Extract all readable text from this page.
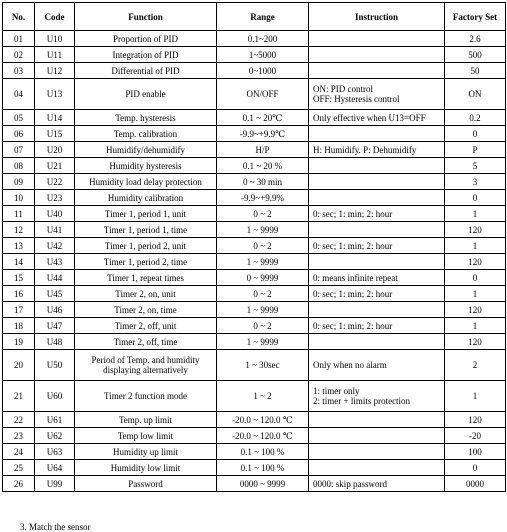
No.	Code	Function	Range	Instruction	Factory Set
01	U10	Proportion of PID	0.1~200		2.6
02	U11	Integration of PID	1~5000		500
03	U12	Differential of PID	0~1000		50
04	U13	PID enable	ON/OFF	ON: PID control
OFF: Hysteresis control	ON
05	U14	Temp. hysteresis	0.1 ~ 20℃	Only effective when U13=OFF	0.2
06	U15	Temp. calibration	-9.9~+9.9℃		0
07	U20	Humidify/dehumidify	H/P	H: Humidify. P: Dehumidify	P
08	U21	Humidity hysteresis	0.1 ~ 20 %		5
09	U22	Humidity load delay protection	0 ~ 30 min		3
10	U23	Humidity calibration	-9.9~+9.9%		0
11	U40	Timer 1, period 1, unit	0 ~ 2	0: sec; 1: min; 2: hour	1
12	U41	Timer 1, period 1, time	1 ~ 9999		120
13	U42	Timer 1, period 2, unit	0 ~ 2	0: sec; 1: min; 2: hour	1
14	U43	Timer 1, period 2, time	1 ~ 9999		120
15	U44	Timer 1, repeat times	0 ~ 9999	0: means infinite repeat	0
16	U45	Timer 2, on, unit	0 ~ 2	0: sec; 1: min; 2: hour	1
17	U46	Timer 2, on, time	1 ~ 9999		120
18	U47	Timer 2, off, unit	0 ~ 2	0: sec; 1: min; 2: hour	1
19	U48	Timer 2, off, time	1 ~ 9999		120
20	U50	Period of Temp. and humidity displaying alternatively	1 ~ 30sec	Only when no alarm	2
21	U60	Timer 2 function mode	1 ~ 2	1: timer only
2: timer + limits protection	1
22	U61	Temp. up limit	-20.0 ~ 120.0 ℃		120
23	U62	Temp low limit	-20.0 ~ 120.0 ℃		-20
24	U63	Humidity up limit	0.1 ~ 100 %		100
25	U64	Humidity low limit	0.1 ~ 100 %		0
26	U99	Password	0000 ~ 9999	0000: skip password	0000
3. Match the sensor
